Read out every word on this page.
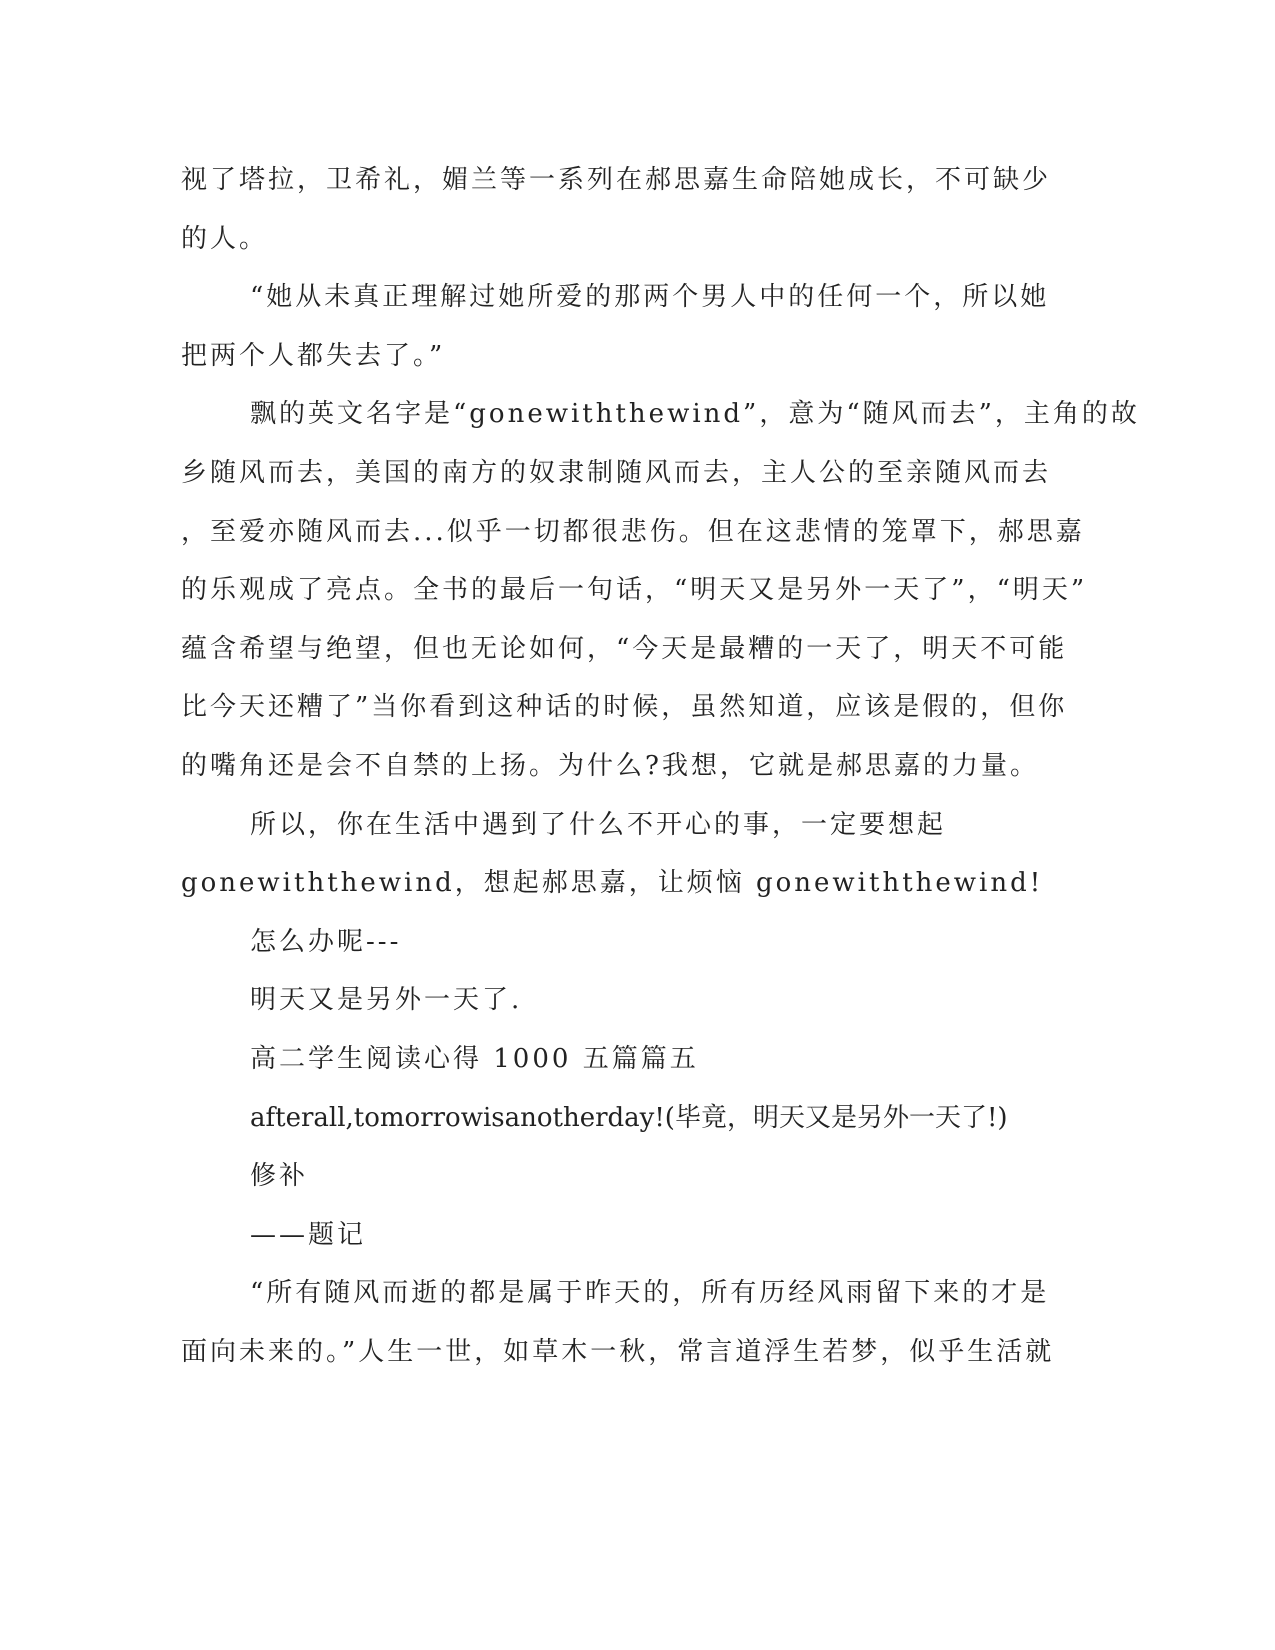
视了塔拉，卫希礼，媚兰等一系列在郝思嘉生命陪她成长，不可缺少
的人。
“她从未真正理解过她所爱的那两个男人中的任何一个，所以她
把两个人都失去了。”
飘的英文名字是“gonewiththewind”，意为“随风而去”，主角的故
乡随风而去，美国的南方的奴隶制随风而去，主人公的至亲随风而去
，至爱亦随风而去...似乎一切都很悲伤。但在这悲情的笼罩下，郝思嘉
的乐观成了亮点。全书的最后一句话，“明天又是另外一天了”，“明天”
蕴含希望与绝望，但也无论如何，“今天是最糟的一天了，明天不可能
比今天还糟了”当你看到这种话的时候，虽然知道，应该是假的，但你
的嘴角还是会不自禁的上扬。为什么?我想，它就是郝思嘉的力量。
所以，你在生活中遇到了什么不开心的事，一定要想起
gonewiththewind，想起郝思嘉，让烦恼 gonewiththewind!
怎么办呢---
明天又是另外一天了.
高二学生阅读心得 1000 五篇篇五
afterall,tomorrowisanotherday!(毕竟，明天又是另外一天了!)
修补
——题记
“所有随风而逝的都是属于昨天的，所有历经风雨留下来的才是
面向未来的。”人生一世，如草木一秋，常言道浮生若梦，似乎生活就
